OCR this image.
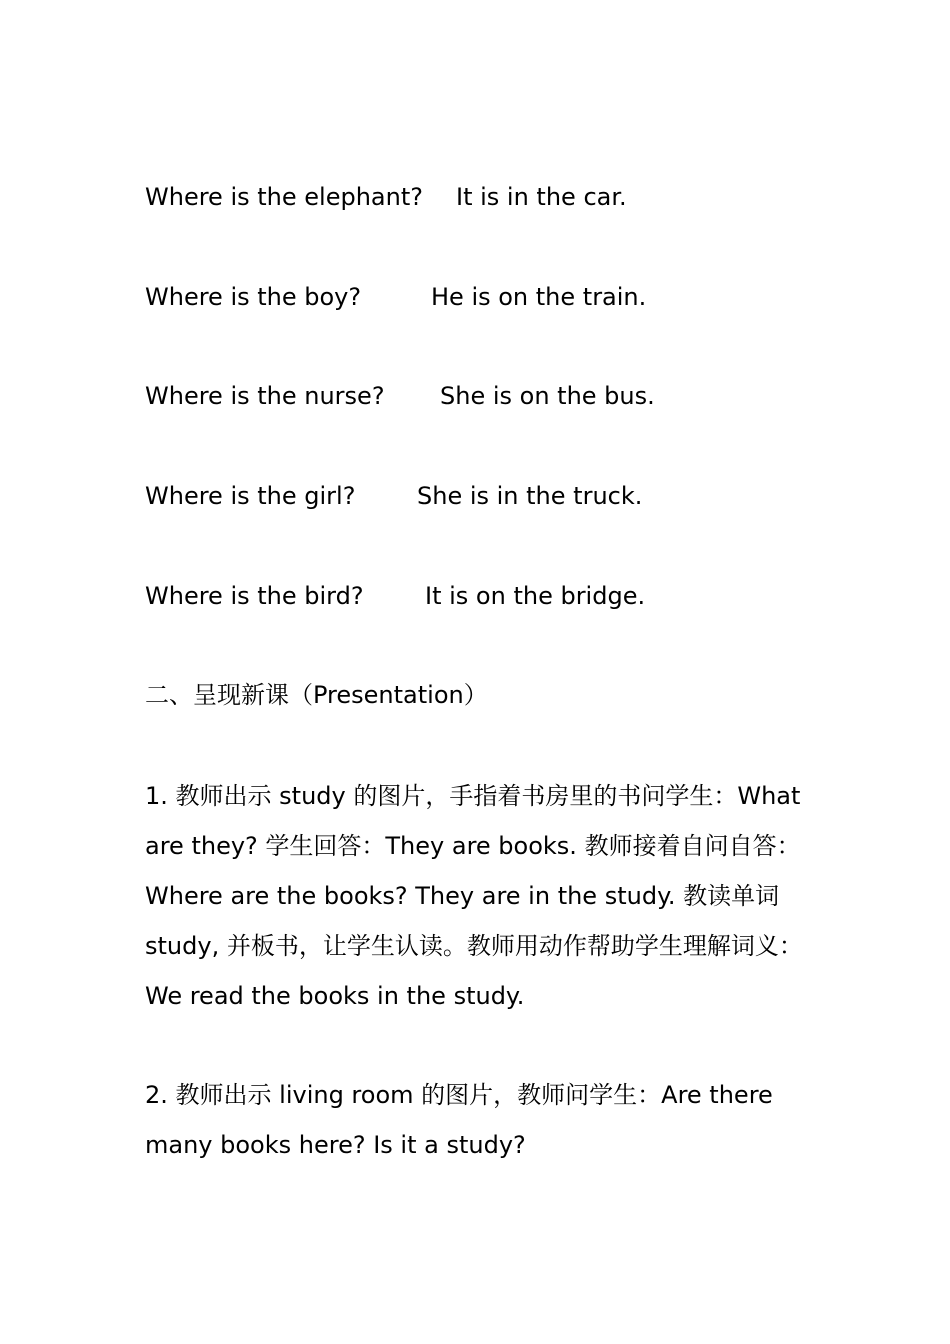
Where is the elephant? It is in the car.
Where is the boy?	He is on the train.
Where is the nurse? She is on the bus.
Where is the girl?	She is in the truck.
Where is the bird?	It is on the bridge.
二、呈现新课（Presentation）
1. 教师出示 study 的图片，手指着书房里的书问学生：What are they? 学生回答：They are books. 教师接着自问自答：Where are the books? They are in the study. 教读单词 study, 并板书，让学生认读。教师用动作帮助学生理解词义：We read the books in the study.
2. 教师出示 living room 的图片，教师问学生：Are there many books here? Is it a study?
